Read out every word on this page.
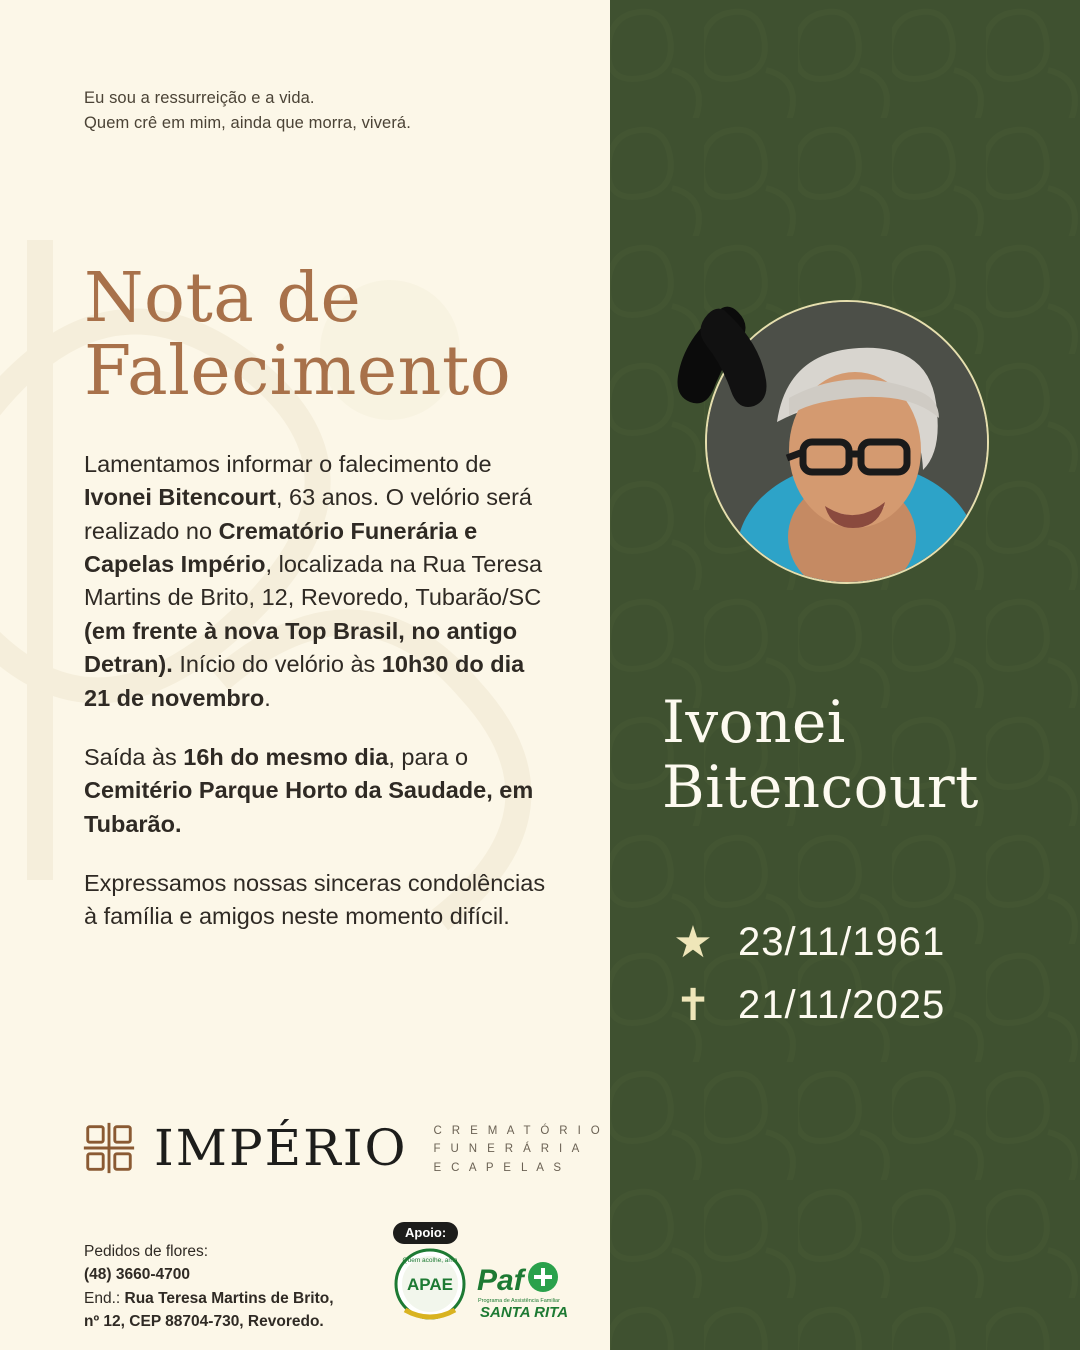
Eu sou a ressurreição e a vida.
Quem crê em mim, ainda que morra, viverá.
Nota de
Falecimento

Lamentamos informar o falecimento de Ivonei Bitencourt, 63 anos. O velório será realizado no Crematório Funerária e Capelas Império, localizada na Rua Teresa Martins de Brito, 12, Revoredo, Tubarão/SC (em frente à nova Top Brasil, no antigo Detran). Início do velório às 10h30 do dia 21 de novembro.

Saída às 16h do mesmo dia, para o Cemitério Parque Horto da Saudade, em Tubarão.

Expressamos nossas sinceras condolências à família e amigos neste momento difícil.

IMPÉRIO C R E M A T Ó R I O
F U N E R Á R I A
E C A P E L A S
Pedidos de flores:
(48) 3660-4700
End.: Rua Teresa Martins de Brito,
nº 12, CEP 88704-730, Revoredo.
Apoio:
APAE
Quem acolhe, ama
Paf
Programa de Assistência Familiar
SANTA RITA
Ivonei
Bitencourt
★ 23/11/1961
✝ 21/11/2025
